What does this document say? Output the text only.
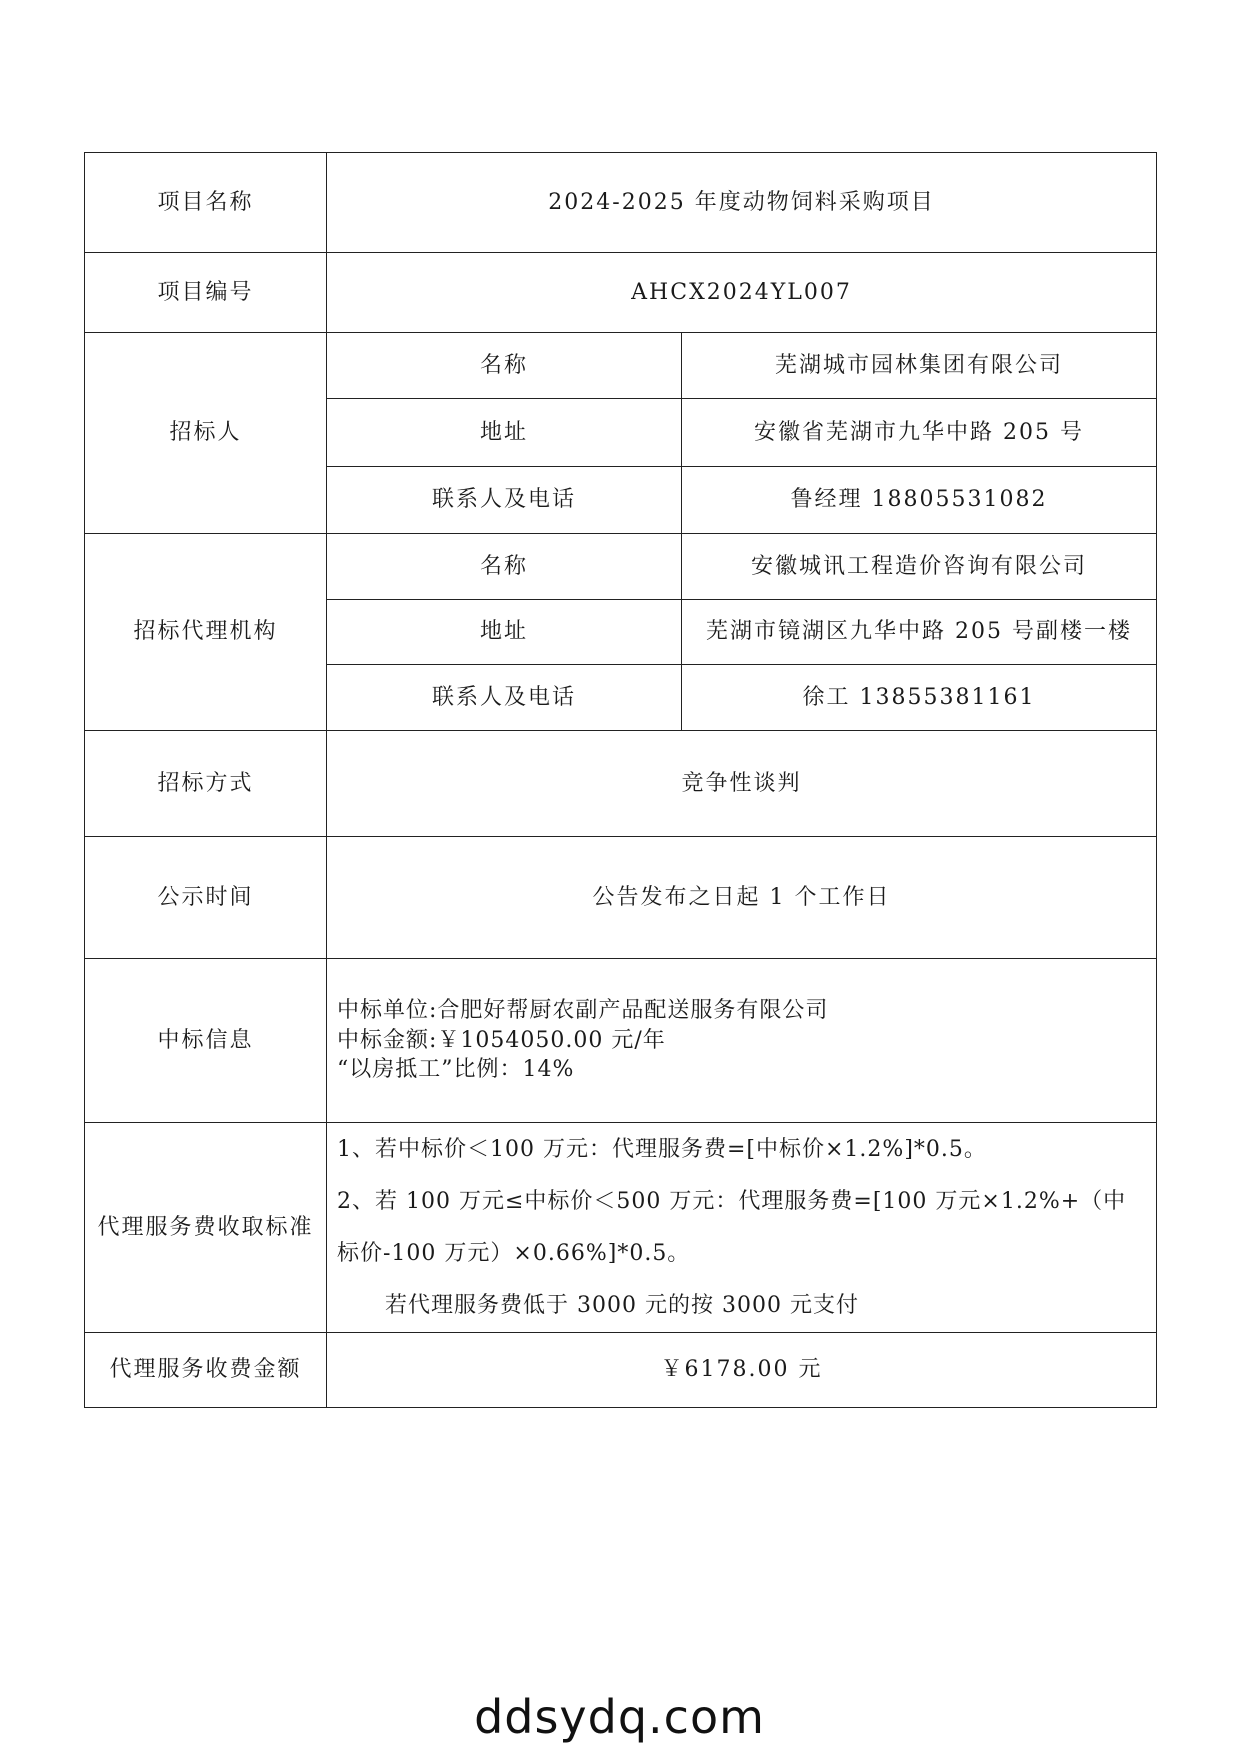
项目名称	2024-2025 年度动物饲料采购项目	
项目编号	AHCX2024YL007	
招标人	名称	芜湖城市园林集团有限公司
	地址	安徽省芜湖市九华中路 205 号
	联系人及电话	鲁经理 18805531082
招标代理机构	名称	安徽城讯工程造价咨询有限公司
	地址	芜湖市镜湖区九华中路 205 号副楼一楼
	联系人及电话	徐工 13855381161
招标方式	竞争性谈判	
公示时间	公告发布之日起 1 个工作日	
中标信息	中标单位:合肥好帮厨农副产品配送服务有限公司
中标金额:￥1054050.00 元/年
“以房抵工”比例：14%	

代理服务费收取标准	1、若中标价＜100 万元：代理服务费=[中标价×1.2%]*0.5。
2、若 100 万元≤中标价＜500 万元：代理服务费=[100 万元×1.2%+（中标价-100 万元）×0.66%]*0.5。
若代理服务费低于 3000 元的按 3000 元支付	

代理服务收费金额	￥6178.00 元	
ddsydq.com
